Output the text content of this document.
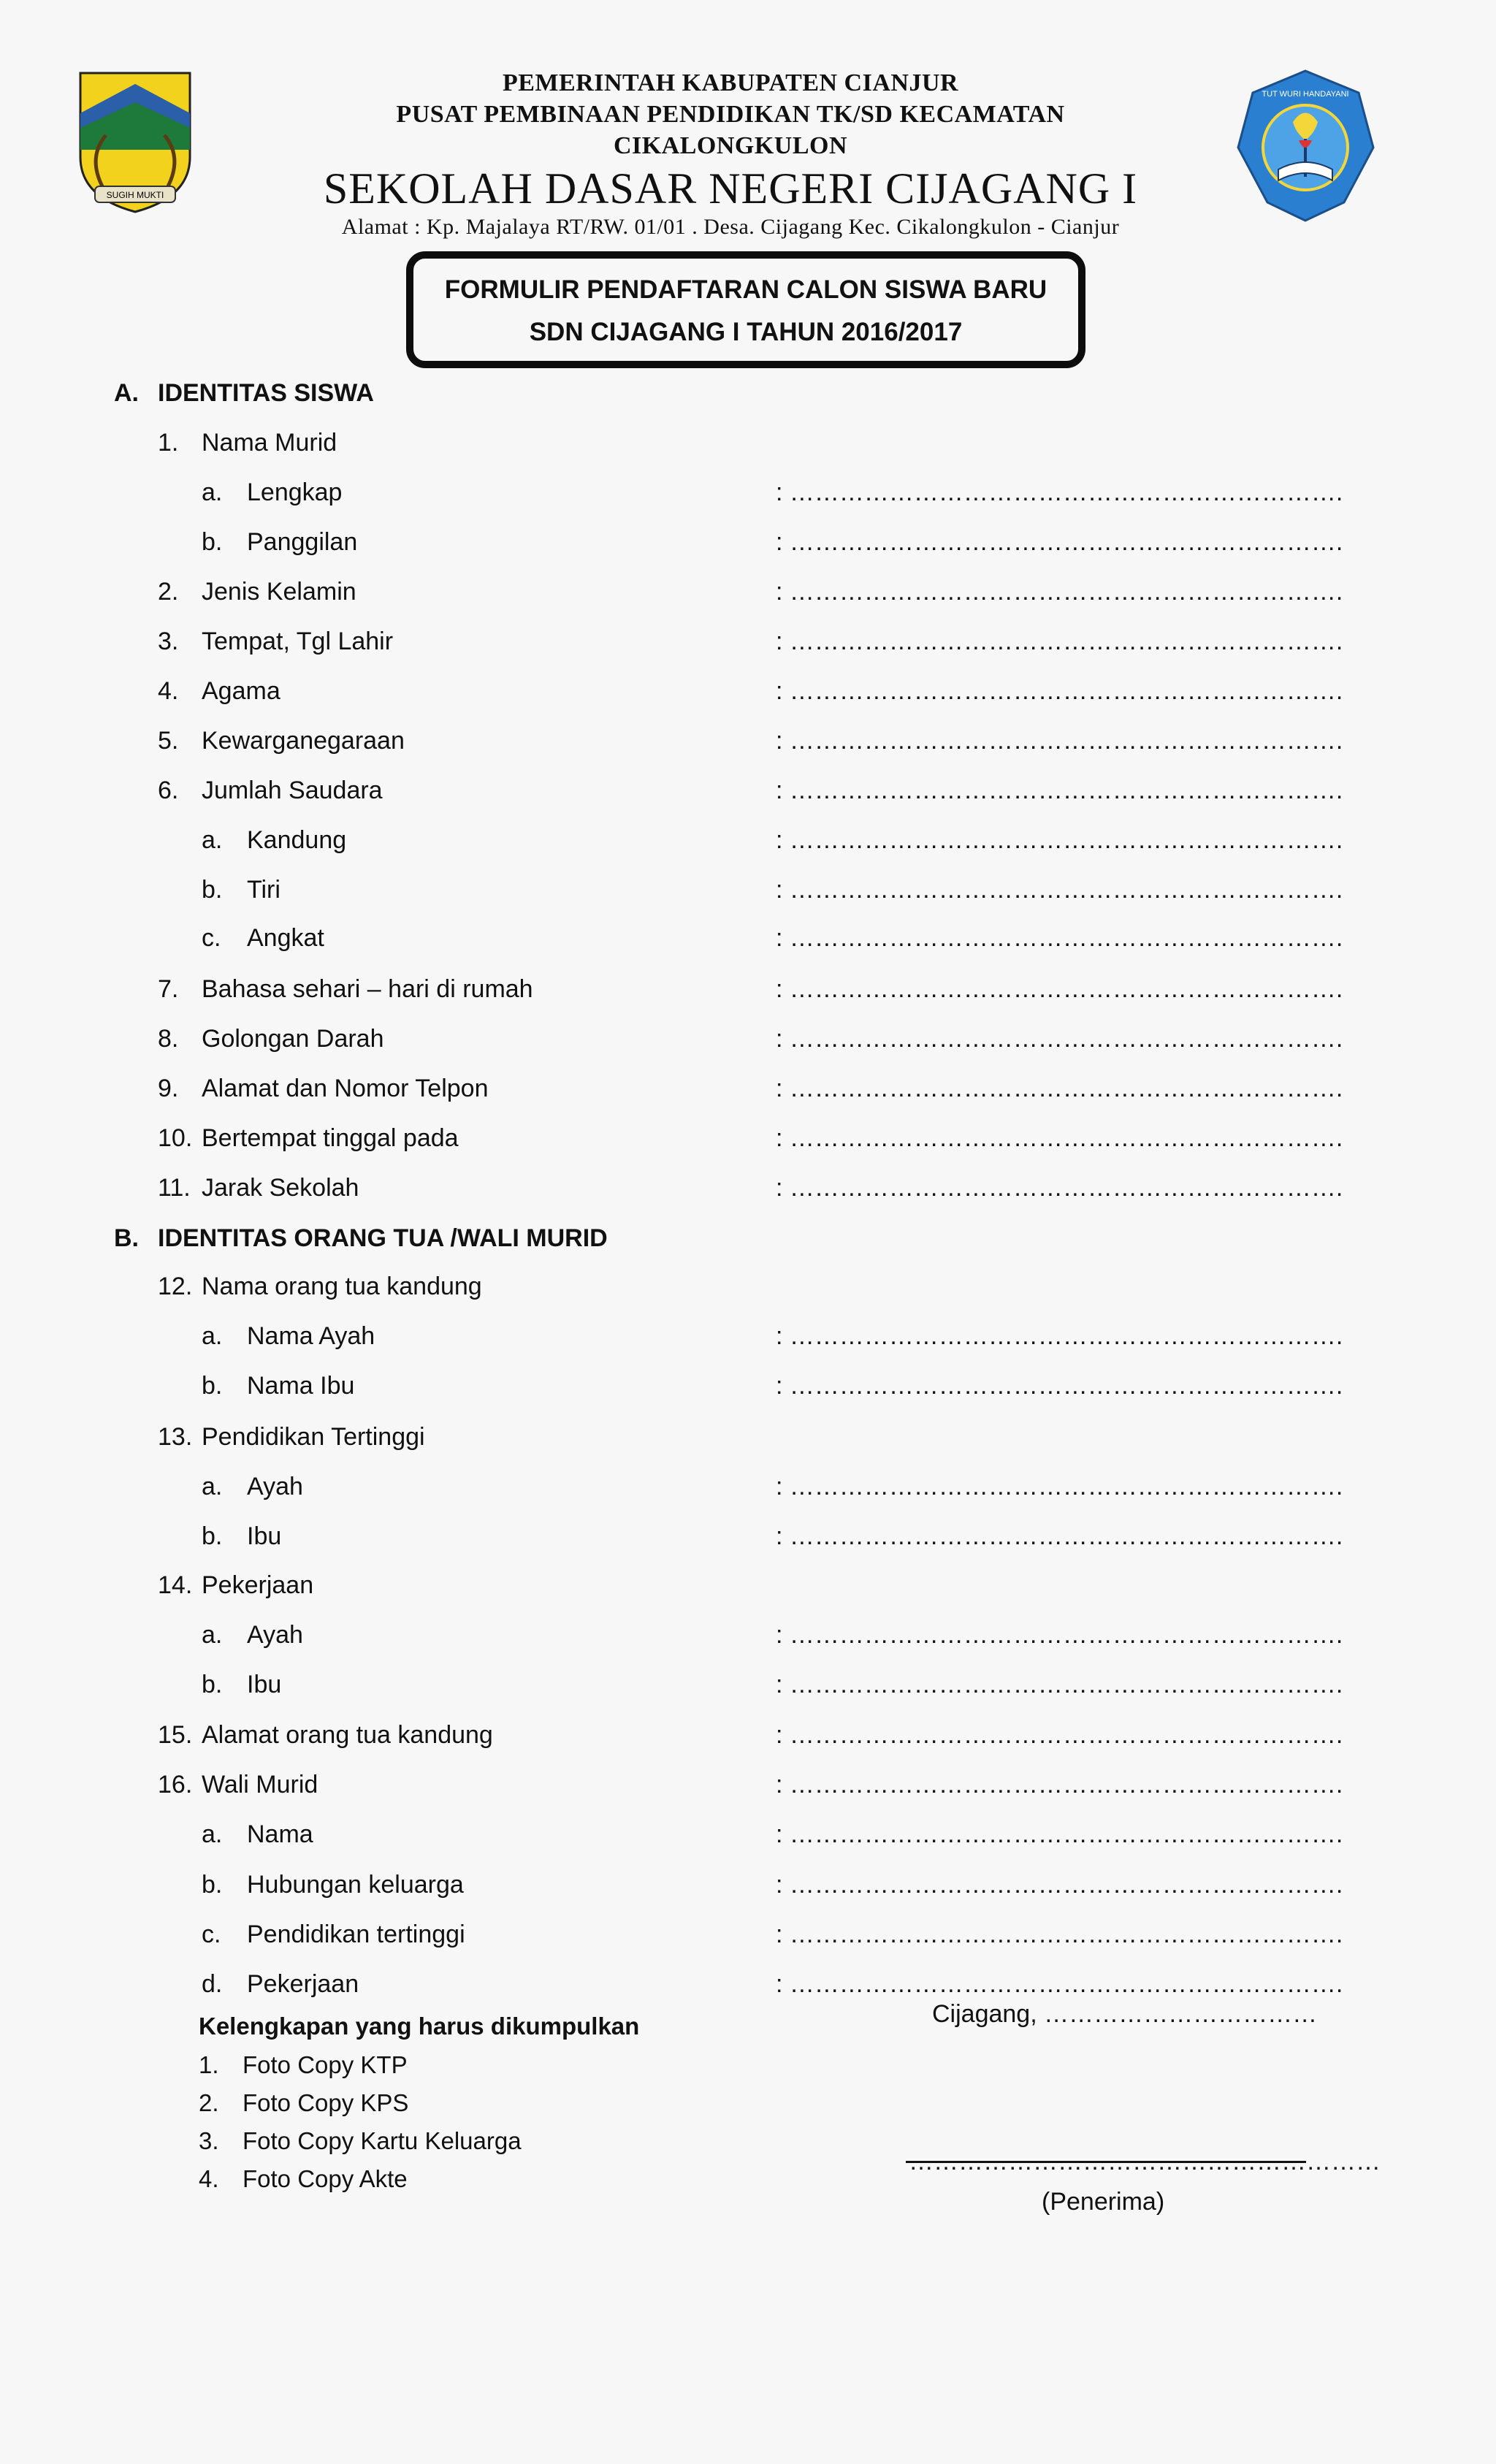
SUGIH MUKTI
PEMERINTAH KABUPATEN CIANJUR
PUSAT PEMBINAAN PENDIDIKAN TK/SD KECAMATAN
CIKALONGKULON
SEKOLAH DASAR NEGERI CIJAGANG I
Alamat : Kp. Majalaya RT/RW. 01/01 . Desa. Cijagang Kec. Cikalongkulon - Cianjur
TUT WURI HANDAYANI
FORMULIR PENDAFTARAN CALON SISWA BARU
SDN CIJAGANG I TAHUN 2016/2017
A. IDENTITAS SISWA
1. Nama Murid
a. Lengkap	: ………………………………………………………….
b. Panggilan	: ………………………………………………………….
2. Jenis Kelamin	: ………………………………………………………….
3. Tempat, Tgl Lahir	: ………………………………………………………….
4. Agama	: ………………………………………………………….
5. Kewarganegaraan	: ………………………………………………………….
6. Jumlah Saudara	: ………………………………………………………….
a. Kandung	: ………………………………………………………….
b. Tiri	: ………………………………………………………….
c. Angkat	: ………………………………………………………….
7. Bahasa sehari – hari di rumah	: ………………………………………………………….
8. Golongan Darah	: ………………………………………………………….
9. Alamat dan Nomor Telpon	: ………………………………………………………….
10. Bertempat tinggal pada	: ………………………………………………………….
11. Jarak Sekolah	: ………………………………………………………….
B. IDENTITAS ORANG TUA /WALI MURID
12. Nama orang tua kandung
a. Nama Ayah	: ………………………………………………………….
b. Nama Ibu	: ………………………………………………………….
13. Pendidikan Tertinggi
a. Ayah	: ………………………………………………………….
b. Ibu	: ………………………………………………………….
14. Pekerjaan
a. Ayah	: ………………………………………………………….
b. Ibu	: ………………………………………………………….
15. Alamat orang tua kandung	: ………………………………………………………….
16. Wali Murid	: ………………………………………………………….
a. Nama	: ………………………………………………………….
b. Hubungan keluarga	: ………………………………………………………….
c. Pendidikan tertinggi	: ………………………………………………………….
d. Pekerjaan	: ………………………………………………………….
Kelengkapan yang harus dikumpulkan
1. Foto Copy KTP
2. Foto Copy KPS
3. Foto Copy Kartu Keluarga
4. Foto Copy Akte
Cijagang, ……………………………
…………………………………………………
(Penerima)
